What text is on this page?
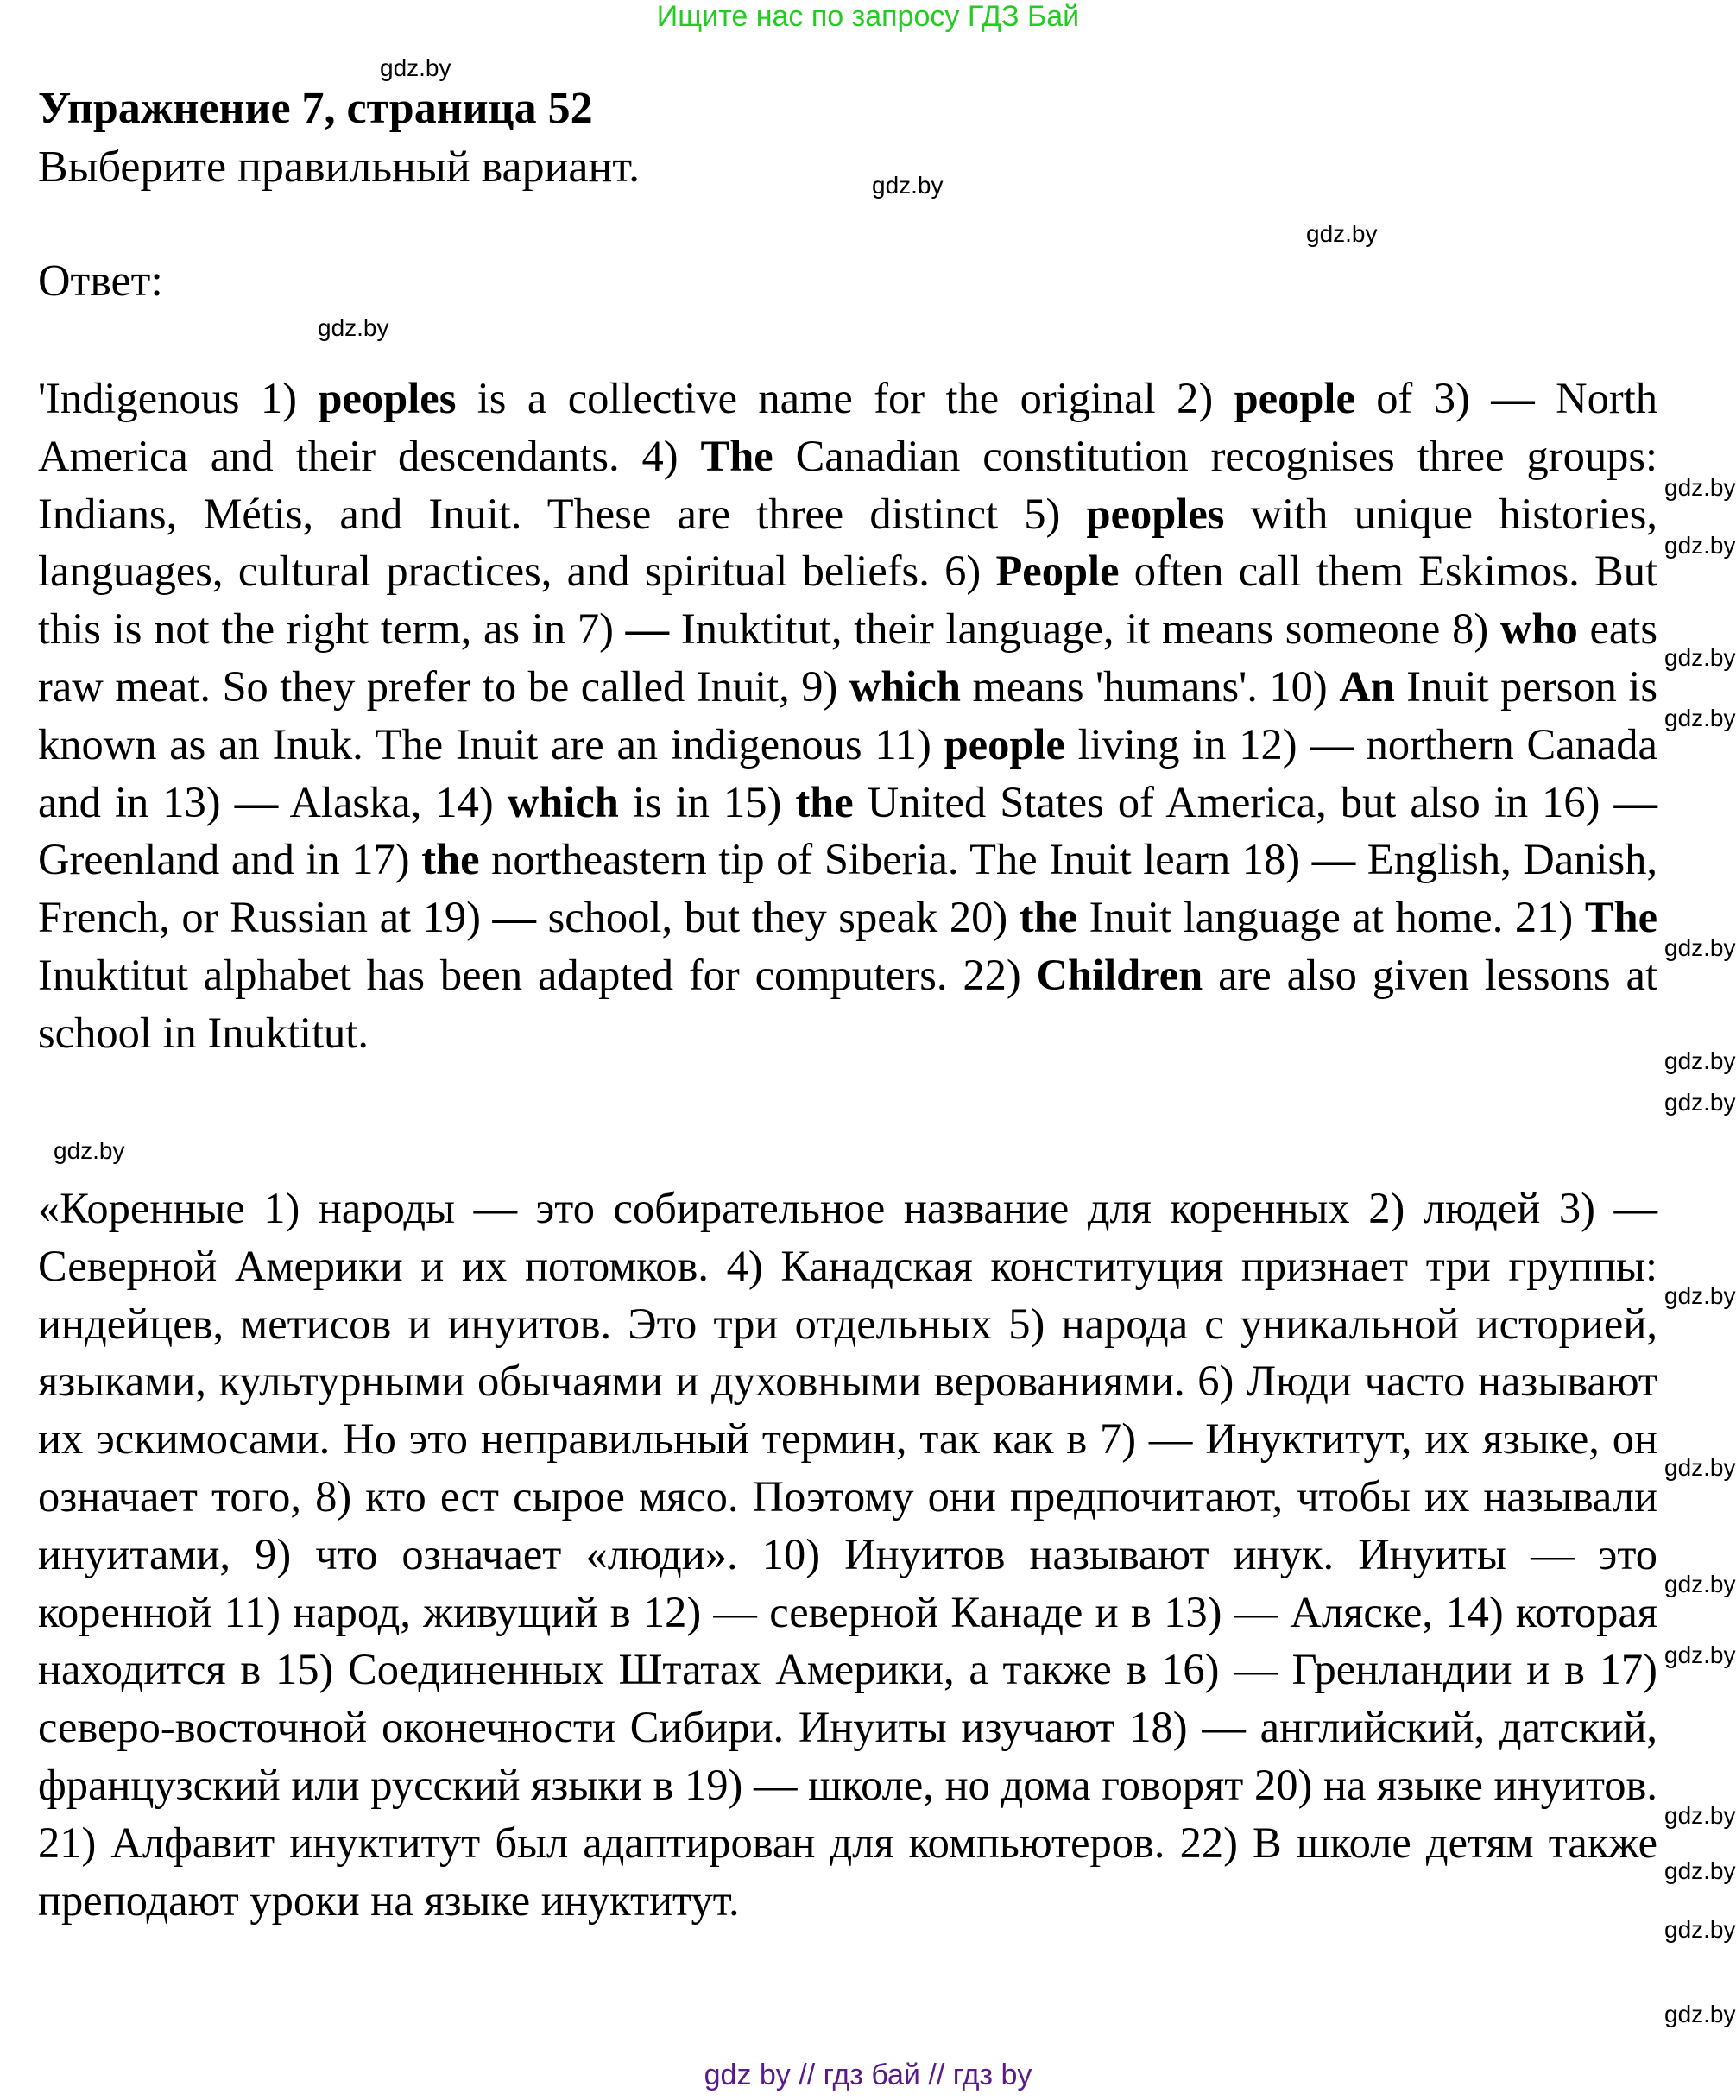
Ищите нас по запросу ГДЗ Бай
Упражнение 7, страница 52
Выберите правильный вариант.
Ответ:
'Indigenous 1) peoples is a collective name for the original 2) people of 3) — North America and their descendants. 4) The Canadian constitution recognises three groups: Indians, Métis, and Inuit. These are three distinct 5) peoples with unique histories, languages, cultural practices, and spiritual beliefs. 6) People often call them Eskimos. But this is not the right term, as in 7) — Inuktitut, their language, it means someone 8) who eats raw meat. So they prefer to be called Inuit, 9) which means 'humans'. 10) An Inuit person is known as an Inuk. The Inuit are an indigenous 11) people living in 12) — northern Canada and in 13) — Alaska, 14) which is in 15) the United States of America, but also in 16) — Greenland and in 17) the northeastern tip of Siberia. The Inuit learn 18) — English, Danish, French, or Russian at 19) — school, but they speak 20) the Inuit language at home. 21) The Inuktitut alphabet has been adapted for computers. 22) Children are also given lessons at school in Inuktitut.
«Коренные 1) народы — это собирательное название для коренных 2) людей 3) — Северной Америки и их потомков. 4) Канадская конституция признает три группы: индейцев, метисов и инуитов. Это три отдельных 5) народа с уникальной историей, языками, культурными обычаями и духовными верованиями. 6) Люди часто называют их эскимосами. Но это неправильный термин, так как в 7) — Инуктитут, их языке, он означает того, 8) кто ест сырое мясо. Поэтому они предпочитают, чтобы их называли инуитами, 9) что означает «люди». 10) Инуитов называют инук. Инуиты — это коренной 11) народ, живущий в 12) — северной Канаде и в 13) — Аляске, 14) которая находится в 15) Соединенных Штатах Америки, а также в 16) — Гренландии и в 17) северо-восточной оконечности Сибири. Инуиты изучают 18) — английский, датский, французский или русский языки в 19) — школе, но дома говорят 20) на языке инуитов. 21) Алфавит инуктитут был адаптирован для компьютеров. 22) В школе детям также преподают уроки на языке инуктитут.
gdz.by
gdz.by
gdz.by
gdz.by
gdz.by
gdz.by
gdz.by
gdz.by
gdz.by
gdz.by
gdz.by
gdz.by
gdz.by
gdz.by
gdz.by
gdz.by
gdz.by
gdz.by
gdz.by
gdz.by
gdz by // гдз бай // гдз by
